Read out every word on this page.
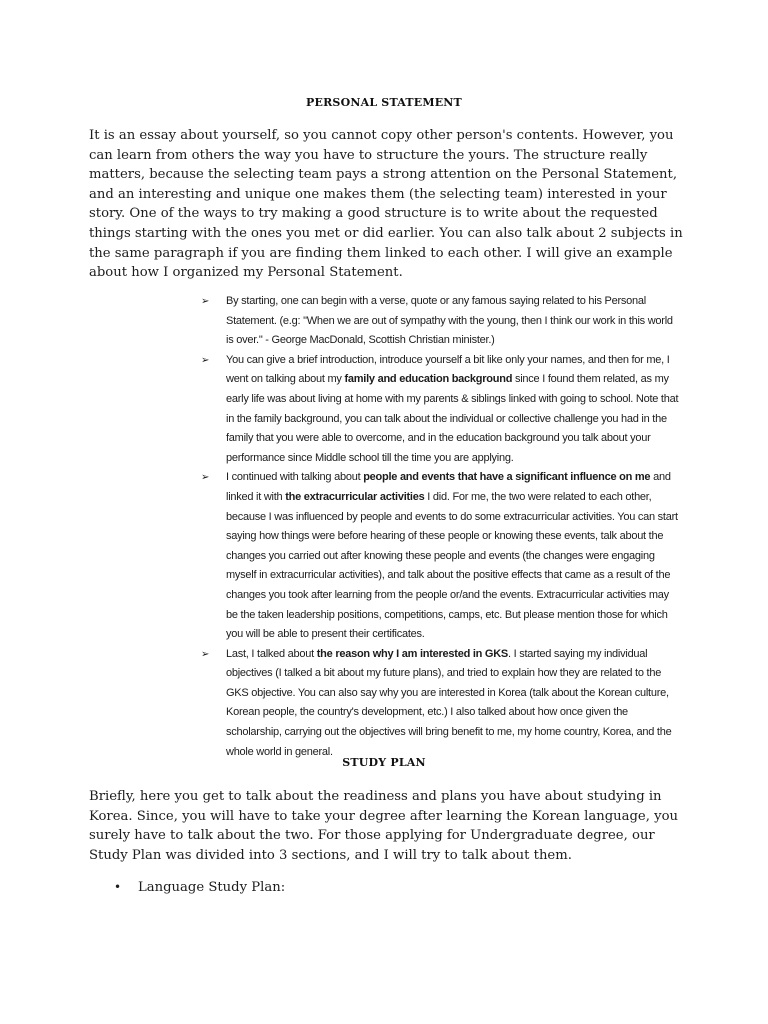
PERSONAL STATEMENT
It is an essay about yourself, so you cannot copy other person's contents. However, you can learn from others the way you have to structure the yours. The structure really matters, because the selecting team pays a strong attention on the Personal Statement, and an interesting and unique one makes them (the selecting team) interested in your story. One of the ways to try making a good structure is to write about the requested things starting with the ones you met or did earlier. You can also talk about 2 subjects in the same paragraph if you are finding them linked to each other. I will give an example about how I organized my Personal Statement.
➢ By starting, one can begin with a verse, quote or any famous saying related to his Personal Statement. (e.g: "When we are out of sympathy with the young, then I think our work in this world is over." - George MacDonald, Scottish Christian minister.)
➢ You can give a brief introduction, introduce yourself a bit like only your names, and then for me, I went on talking about my family and education background since I found them related, as my early life was about living at home with my parents & siblings linked with going to school. Note that in the family background, you can talk about the individual or collective challenge you had in the family that you were able to overcome, and in the education background you talk about your performance since Middle school till the time you are applying.
➢ I continued with talking about people and events that have a significant influence on me and linked it with the extracurricular activities I did. For me, the two were related to each other, because I was influenced by people and events to do some extracurricular activities. You can start saying how things were before hearing of these people or knowing these events, talk about the changes you carried out after knowing these people and events (the changes were engaging myself in extracurricular activities), and talk about the positive effects that came as a result of the changes you took after learning from the people or/and the events. Extracurricular activities may be the taken leadership positions, competitions, camps, etc. But please mention those for which you will be able to present their certificates.
➢ Last, I talked about the reason why I am interested in GKS. I started saying my individual objectives (I talked a bit about my future plans), and tried to explain how they are related to the GKS objective. You can also say why you are interested in Korea (talk about the Korean culture, Korean people, the country's development, etc.) I also talked about how once given the scholarship, carrying out the objectives will bring benefit to me, my home country, Korea, and the whole world in general.
STUDY PLAN
Briefly, here you get to talk about the readiness and plans you have about studying in Korea. Since, you will have to take your degree after learning the Korean language, you surely have to talk about the two. For those applying for Undergraduate degree, our Study Plan was divided into 3 sections, and I will try to talk about them.
• Language Study Plan:
